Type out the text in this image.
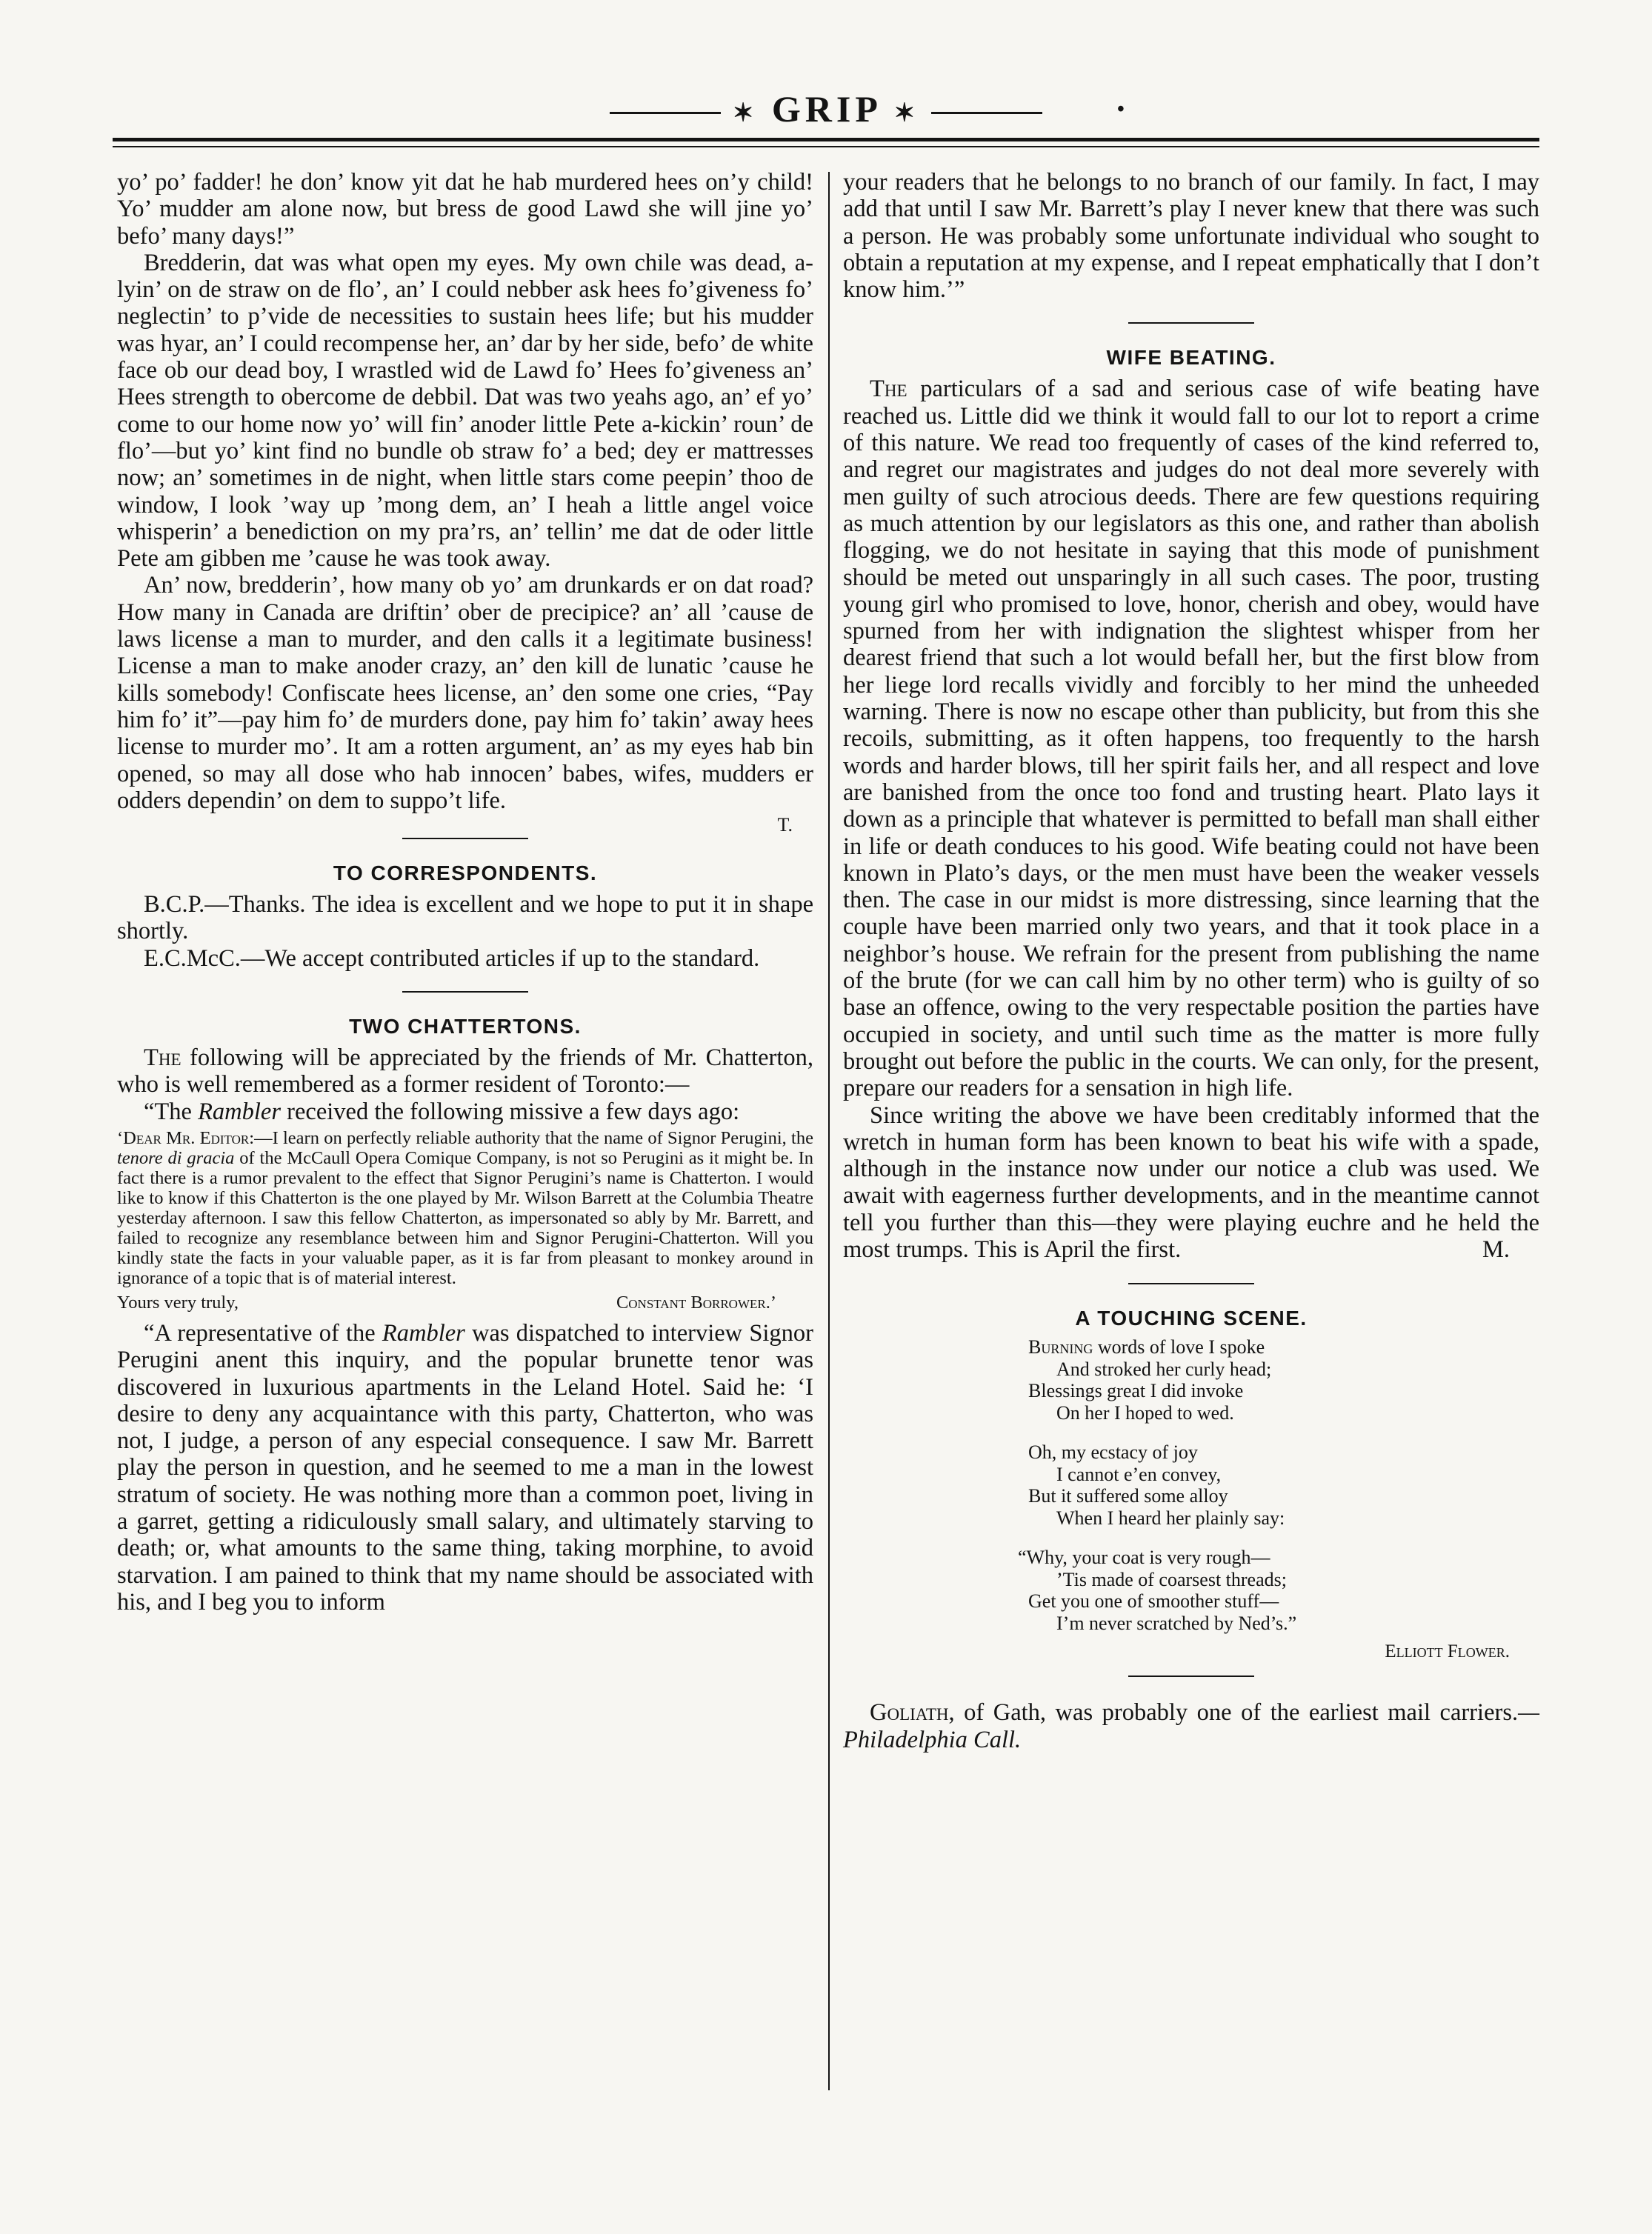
✶ GRIP ✶	•

yo’ po’ fadder! he don’ know yit dat he hab murdered hees on’y child! Yo’ mudder am alone now, but bress de good Lawd she will jine yo’ befo’ many days!”

Bredderin, dat was what open my eyes. My own chile was dead, a-lyin’ on de straw on de flo’, an’ I could nebber ask hees fo’giveness fo’ neglectin’ to p’vide de necessities to sustain hees life; but his mudder was hyar, an’ I could recompense her, an’ dar by her side, befo’ de white face ob our dead boy, I wrastled wid de Lawd fo’ Hees fo’giveness an’ Hees strength to obercome de debbil. Dat was two yeahs ago, an’ ef yo’ come to our home now yo’ will fin’ anoder little Pete a-kickin’ roun’ de flo’—but yo’ kint find no bundle ob straw fo’ a bed; dey er mattresses now; an’ sometimes in de night, when little stars come peepin’ thoo de window, I look ’way up ’mong dem, an’ I heah a little angel voice whisperin’ a benediction on my pra’rs, an’ tellin’ me dat de oder little Pete am gibben me ’cause he was took away.

An’ now, bredderin’, how many ob yo’ am drunkards er on dat road? How many in Canada are driftin’ ober de precipice? an’ all ’cause de laws license a man to murder, and den calls it a legitimate business! License a man to make anoder crazy, an’ den kill de lunatic ’cause he kills somebody! Confiscate hees license, an’ den some one cries, “Pay him fo’ it”—pay him fo’ de murders done, pay him fo’ takin’ away hees license to murder mo’. It am a rotten argument, an’ as my eyes hab bin opened, so may all dose who hab innocen’ babes, wifes, mudders er odders dependin’ on dem to suppo’t life.

T.
TO CORRESPONDENTS.

B.C.P.—Thanks. The idea is excellent and we hope to put it in shape shortly.

E.C.McC.—We accept contributed articles if up to the standard.

TWO CHATTERTONS.

The following will be appreciated by the friends of Mr. Chatterton, who is well remembered as a former resident of Toronto:—

“The Rambler received the following missive a few days ago:

‘Dear Mr. Editor:—I learn on perfectly reliable authority that the name of Signor Perugini, the tenore di gracia of the McCaull Opera Comique Company, is not so Perugini as it might be. In fact there is a rumor prevalent to the effect that Signor Perugini’s name is Chatterton. I would like to know if this Chatterton is the one played by Mr. Wilson Barrett at the Columbia Theatre yesterday afternoon. I saw this fellow Chatterton, as impersonated so ably by Mr. Barrett, and failed to recognize any resemblance between him and Signor Perugini-Chatterton. Will you kindly state the facts in your valuable paper, as it is far from pleasant to monkey around in ignorance of a topic that is of material interest.

Yours very truly,	Constant Borrower.’

“A representative of the Rambler was dispatched to interview Signor Perugini anent this inquiry, and the popular brunette tenor was discovered in luxurious apartments in the Leland Hotel. Said he: ‘I desire to deny any acquaintance with this party, Chatterton, who was not, I judge, a person of any especial consequence. I saw Mr. Barrett play the person in question, and he seemed to me a man in the lowest stratum of society. He was nothing more than a common poet, living in a garret, getting a ridiculously small salary, and ultimately starving to death; or, what amounts to the same thing, taking morphine, to avoid starvation. I am pained to think that my name should be associated with his, and I beg you to inform

your readers that he belongs to no branch of our family. In fact, I may add that until I saw Mr. Barrett’s play I never knew that there was such a person. He was probably some unfortunate individual who sought to obtain a reputation at my expense, and I repeat emphatically that I don’t know him.’”

WIFE BEATING.

The particulars of a sad and serious case of wife beating have reached us. Little did we think it would fall to our lot to report a crime of this nature. We read too frequently of cases of the kind referred to, and regret our magistrates and judges do not deal more severely with men guilty of such atrocious deeds. There are few questions requiring as much attention by our legislators as this one, and rather than abolish flogging, we do not hesitate in saying that this mode of punishment should be meted out unsparingly in all such cases. The poor, trusting young girl who promised to love, honor, cherish and obey, would have spurned from her with indignation the slightest whisper from her dearest friend that such a lot would befall her, but the first blow from her liege lord recalls vividly and forcibly to her mind the unheeded warning. There is now no escape other than publicity, but from this she recoils, submitting, as it often happens, too frequently to the harsh words and harder blows, till her spirit fails her, and all respect and love are banished from the once too fond and trusting heart. Plato lays it down as a principle that whatever is permitted to befall man shall either in life or death conduces to his good. Wife beating could not have been known in Plato’s days, or the men must have been the weaker vessels then. The case in our midst is more distressing, since learning that the couple have been married only two years, and that it took place in a neighbor’s house. We refrain for the present from publishing the name of the brute (for we can call him by no other term) who is guilty of so base an offence, owing to the very respectable position the parties have occupied in society, and until such time as the matter is more fully brought out before the public in the courts. We can only, for the present, prepare our readers for a sensation in high life.

Since writing the above we have been creditably informed that the wretch in human form has been known to beat his wife with a spade, although in the instance now under our notice a club was used. We await with eagerness further developments, and in the meantime cannot tell you further than this—they were playing euchre and he held the most trumps. This is April the first.	M.
A TOUCHING SCENE.
Burning words of love I spoke
And stroked her curly head;
Blessings great I did invoke
On her I hoped to wed.
Oh, my ecstacy of joy
I cannot e’en convey,
But it suffered some alloy
When I heard her plainly say:
“Why, your coat is very rough—
’Tis made of coarsest threads;
Get you one of smoother stuff—
I’m never scratched by Ned’s.”
Elliott Flower.

Goliath, of Gath, was probably one of the earliest mail carriers.—Philadelphia Call.
